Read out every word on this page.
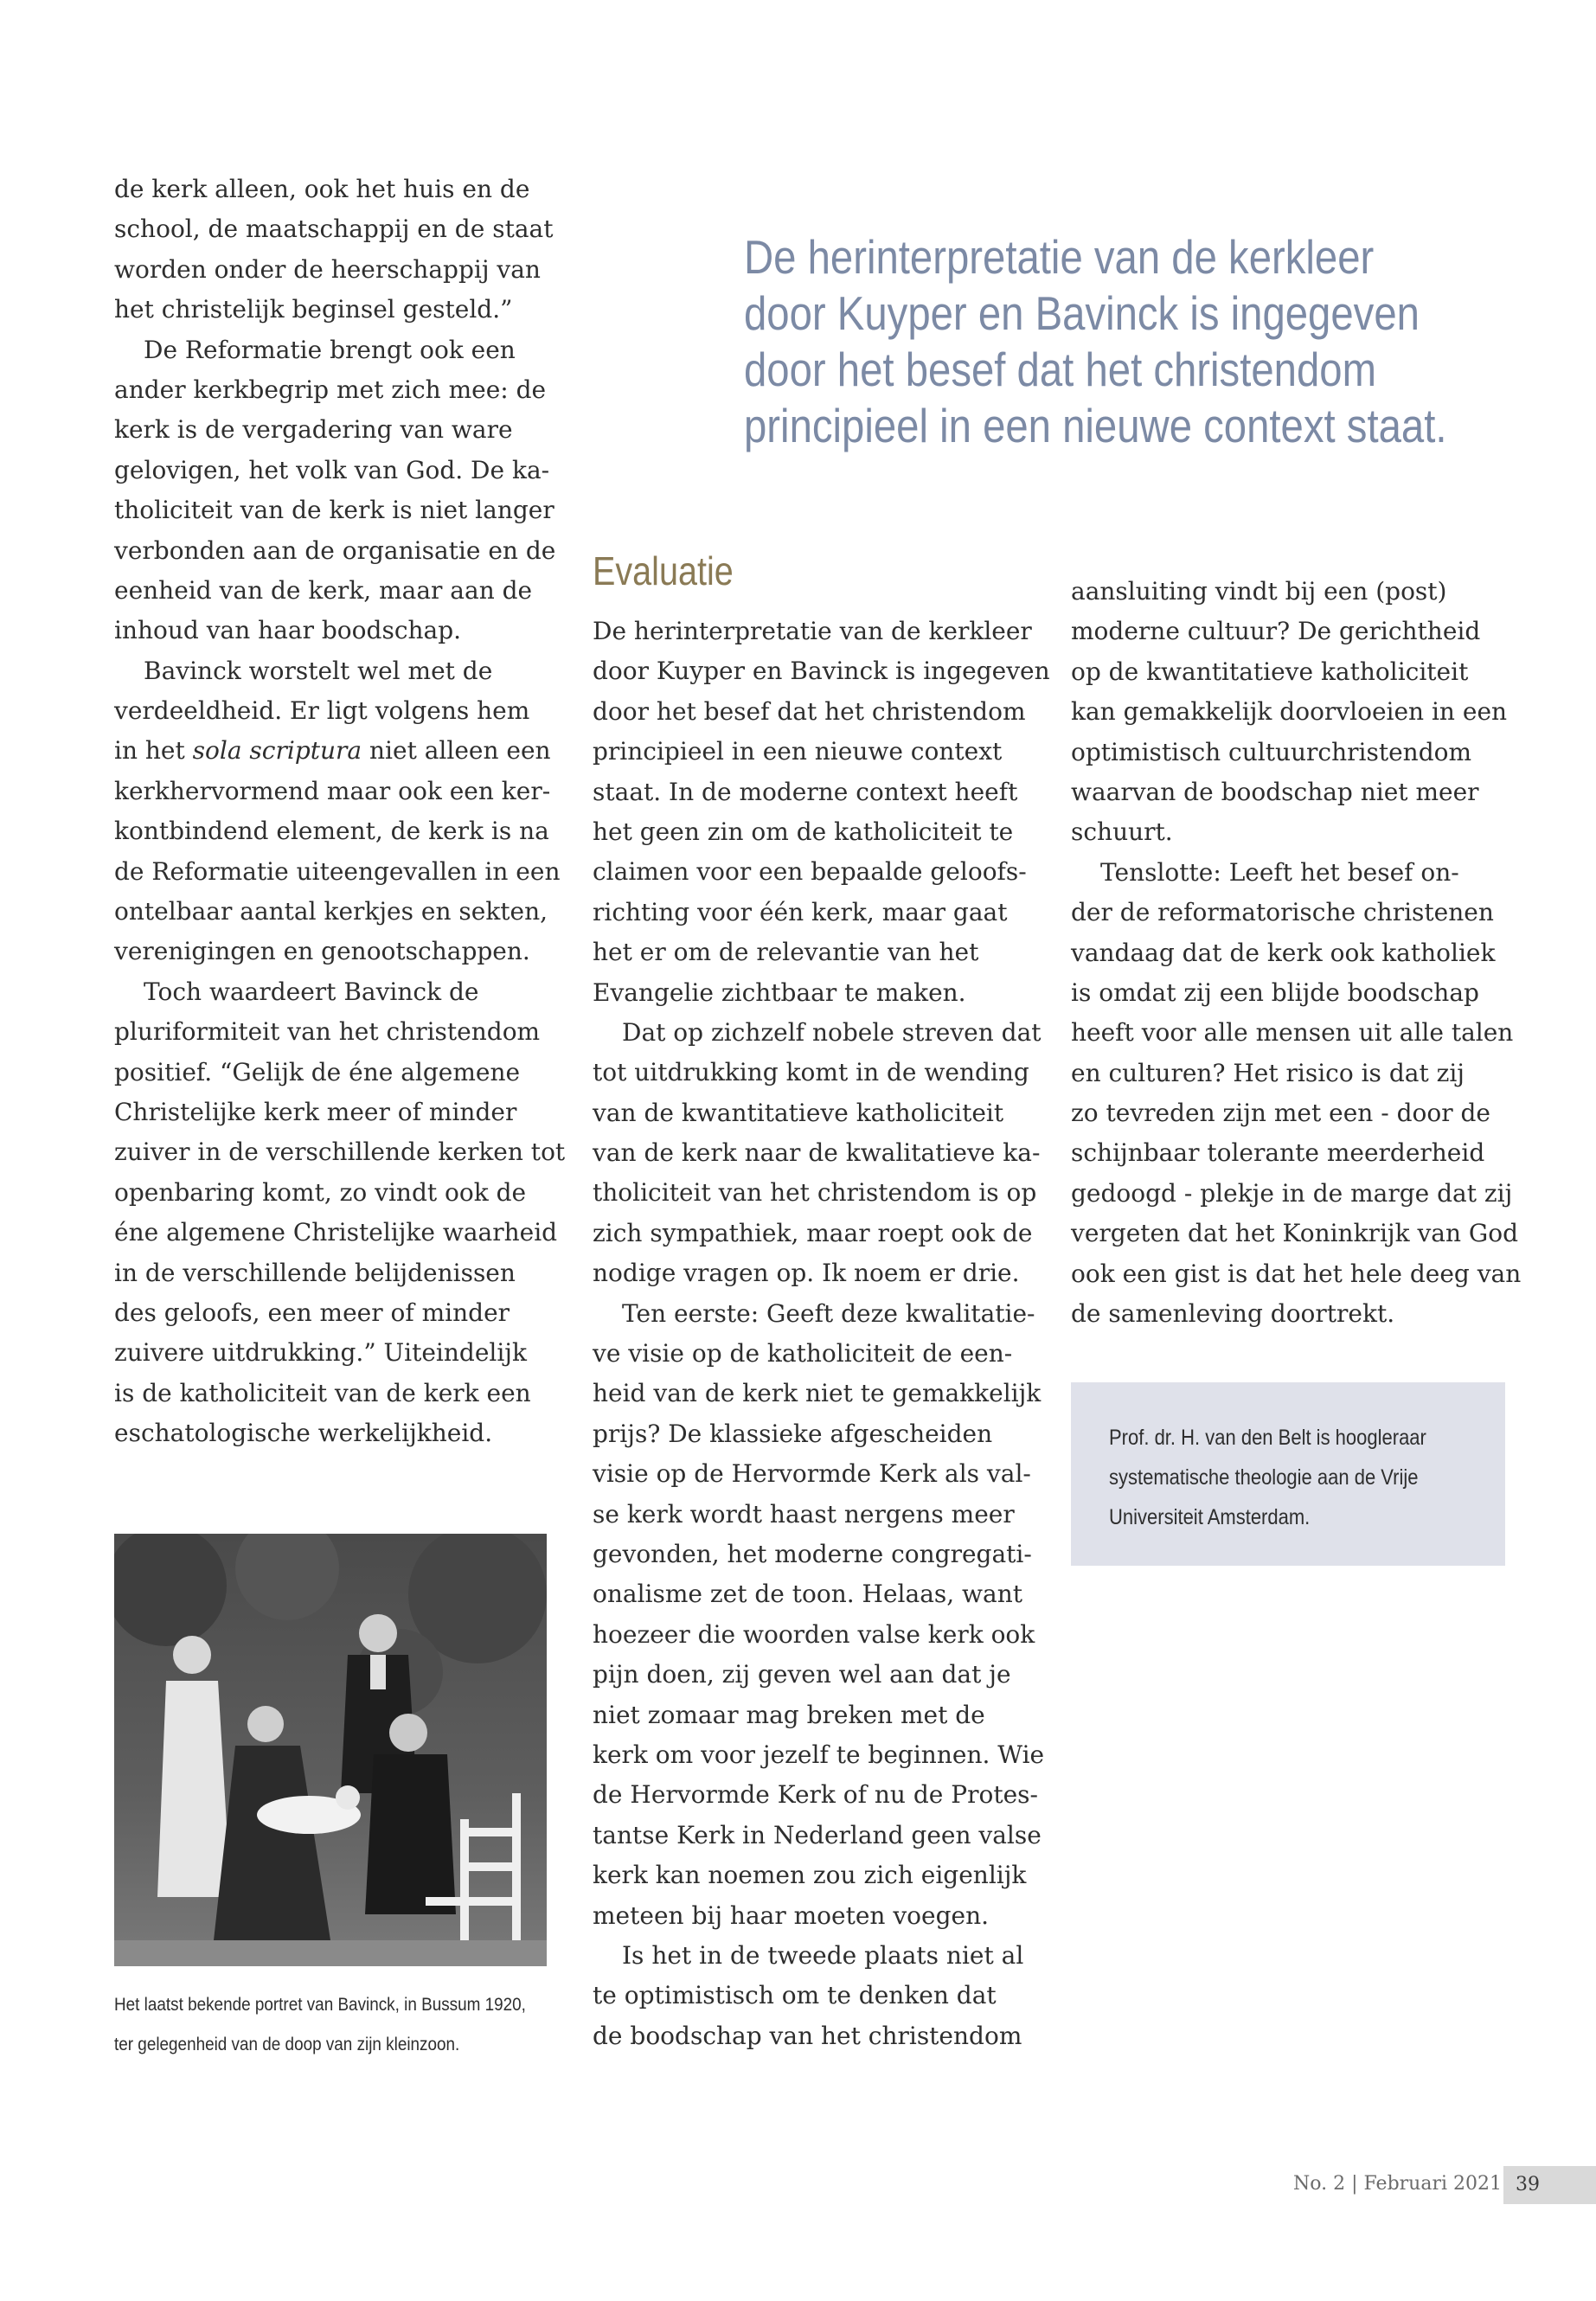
de kerk alleen, ook het huis en de
school, de maatschappij en de staat
worden onder de heerschappij van
het christelijk beginsel gesteld.”
De Reformatie brengt ook een
ander kerkbegrip met zich mee: de
kerk is de vergadering van ware
gelovigen, het volk van God. De ka-
tholiciteit van de kerk is niet langer
verbonden aan de organisatie en de
eenheid van de kerk, maar aan de
inhoud van haar boodschap.
Bavinck worstelt wel met de
verdeeldheid. Er ligt volgens hem
in het sola scriptura niet alleen een
kerkhervormend maar ook een ker-
kontbindend element, de kerk is na
de Reformatie uiteengevallen in een
ontelbaar aantal kerkjes en sekten,
verenigingen en genootschappen.
Toch waardeert Bavinck de
pluriformiteit van het christendom
positief. “Gelijk de éne algemene
Christelijke kerk meer of minder
zuiver in de verschillende kerken tot
openbaring komt, zo vindt ook de
éne algemene Christelijke waarheid
in de verschillende belijdenissen
des geloofs, een meer of minder
zuivere uitdrukking.” Uiteindelijk
is de katholiciteit van de kerk een
eschatologische werkelijkheid.
De herinterpretatie van de kerkleer
door Kuyper en Bavinck is ingegeven
door het besef dat het christendom
principieel in een nieuwe context staat.
Evaluatie
De herinterpretatie van de kerkleer
door Kuyper en Bavinck is ingegeven
door het besef dat het christendom
principieel in een nieuwe context
staat. In de moderne context heeft
het geen zin om de katholiciteit te
claimen voor een bepaalde geloofs-
richting voor één kerk, maar gaat
het er om de relevantie van het
Evangelie zichtbaar te maken.
Dat op zichzelf nobele streven dat
tot uitdrukking komt in de wending
van de kwantitatieve katholiciteit
van de kerk naar de kwalitatieve ka-
tholiciteit van het christendom is op
zich sympathiek, maar roept ook de
nodige vragen op. Ik noem er drie.
Ten eerste: Geeft deze kwalitatie-
ve visie op de katholiciteit de een-
heid van de kerk niet te gemakkelijk
prijs? De klassieke afgescheiden
visie op de Hervormde Kerk als val-
se kerk wordt haast nergens meer
gevonden, het moderne congregati-
onalisme zet de toon. Helaas, want
hoezeer die woorden valse kerk ook
pijn doen, zij geven wel aan dat je
niet zomaar mag breken met de
kerk om voor jezelf te beginnen. Wie
de Hervormde Kerk of nu de Protes-
tantse Kerk in Nederland geen valse
kerk kan noemen zou zich eigenlijk
meteen bij haar moeten voegen.
Is het in de tweede plaats niet al
te optimistisch om te denken dat
de boodschap van het christendom
aansluiting vindt bij een (post)
moderne cultuur? De gerichtheid
op de kwantitatieve katholiciteit
kan gemakkelijk doorvloeien in een
optimistisch cultuurchristendom
waarvan de boodschap niet meer
schuurt.
Tenslotte: Leeft het besef on-
der de reformatorische christenen
vandaag dat de kerk ook katholiek
is omdat zij een blijde boodschap
heeft voor alle mensen uit alle talen
en culturen? Het risico is dat zij
zo tevreden zijn met een - door de
schijnbaar tolerante meerderheid
gedoogd - plekje in de marge dat zij
vergeten dat het Koninkrijk van God
ook een gist is dat het hele deeg van
de samenleving doortrekt.
Het laatst bekende portret van Bavinck, in Bussum 1920,
ter gelegenheid van de doop van zijn kleinzoon.
Prof. dr. H. van den Belt is hoogleraar
systematische theologie aan de Vrije
Universiteit Amsterdam.
No. 2 | Februari 2021 39
